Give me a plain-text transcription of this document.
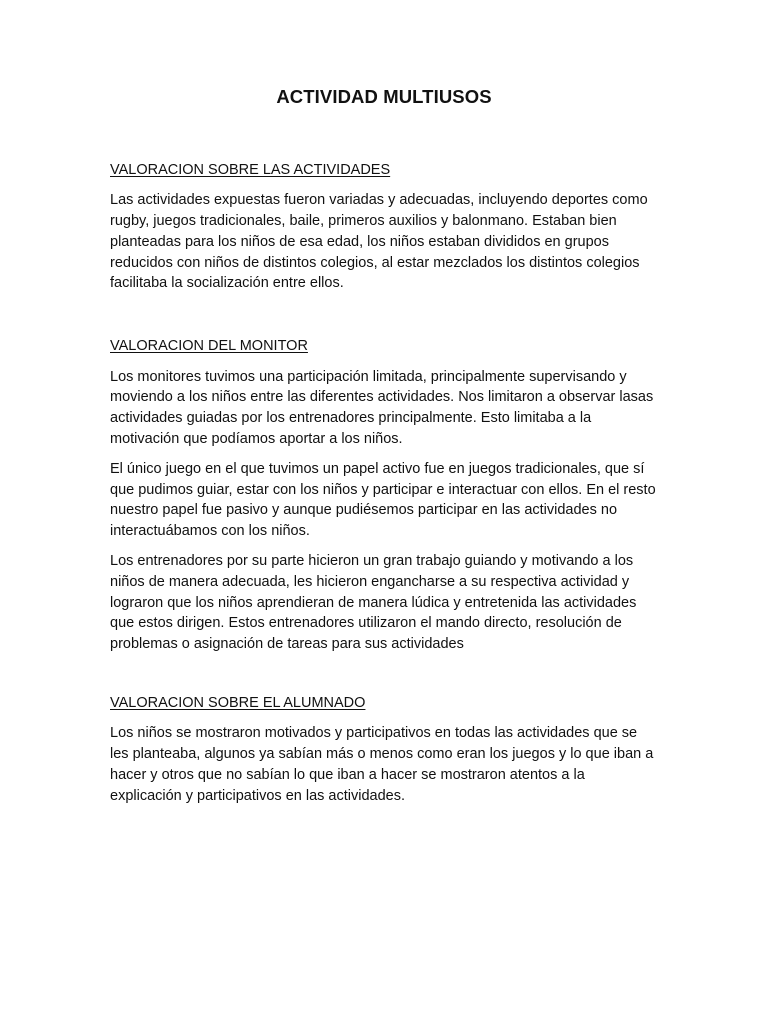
ACTIVIDAD MULTIUSOS
VALORACION SOBRE LAS ACTIVIDADES

Las actividades expuestas fueron variadas y adecuadas, incluyendo deportes como rugby, juegos tradicionales, baile, primeros auxilios y balonmano. Estaban bien planteadas para los niños de esa edad, los niños estaban divididos en grupos reducidos con niños de distintos colegios, al estar mezclados los distintos colegios facilitaba la socialización entre ellos.

VALORACION DEL MONITOR

Los monitores tuvimos una participación limitada, principalmente supervisando y moviendo a los niños entre las diferentes actividades. Nos limitaron a observar lasas actividades guiadas por los entrenadores principalmente. Esto limitaba a la motivación que podíamos aportar a los niños.

El único juego en el que tuvimos un papel activo fue en juegos tradicionales, que sí que pudimos guiar, estar con los niños y participar e interactuar con ellos. En el resto nuestro papel fue pasivo y aunque pudiésemos participar en las actividades no interactuábamos con los niños.

Los entrenadores por su parte hicieron un gran trabajo guiando y motivando a los niños de manera adecuada, les hicieron engancharse a su respectiva actividad y lograron que los niños aprendieran de manera lúdica y entretenida las actividades que estos dirigen. Estos entrenadores utilizaron el mando directo, resolución de problemas o asignación de tareas para sus actividades

VALORACION SOBRE EL ALUMNADO

Los niños se mostraron motivados y participativos en todas las actividades que se les planteaba, algunos ya sabían más o menos como eran los juegos y lo que iban a hacer y otros que no sabían lo que iban a hacer se mostraron atentos a la explicación y participativos en las actividades.
